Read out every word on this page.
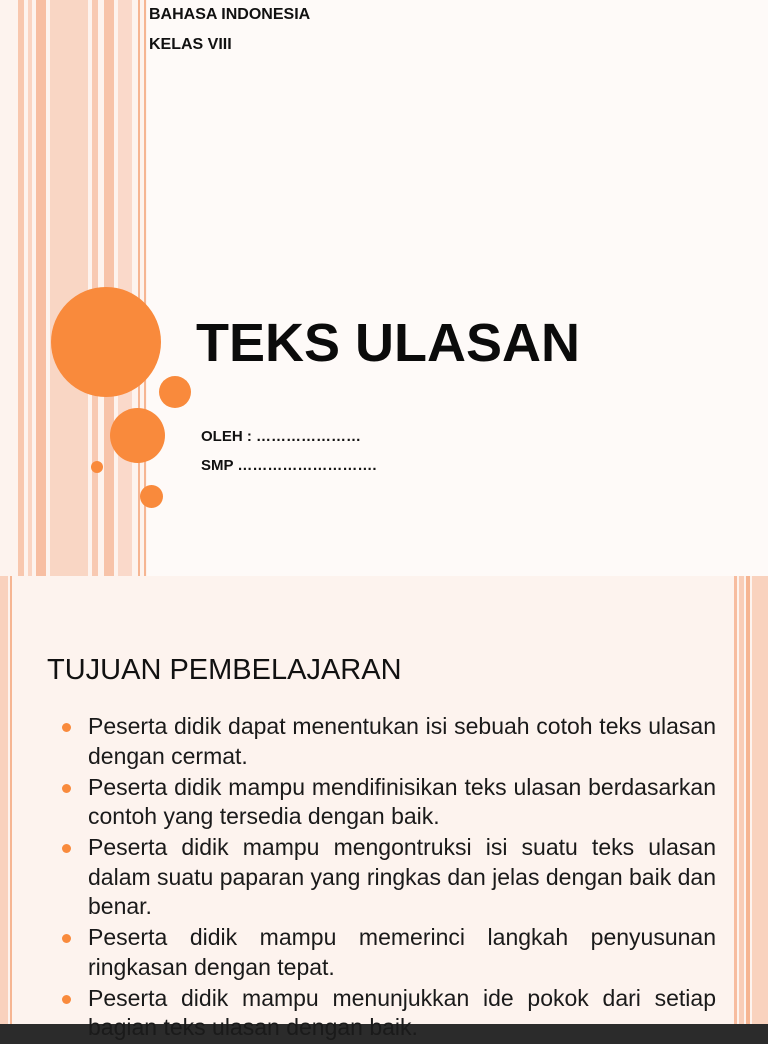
BAHASA INDONESIA
KELAS VIII
TEKS ULASAN
OLEH : …………………
SMP ……………………….
TUJUAN PEMBELAJARAN
Peserta didik dapat menentukan isi sebuah cotoh teks ulasan dengan cermat.
Peserta didik mampu mendifinisikan teks ulasan berdasarkan contoh yang tersedia dengan baik.
Peserta didik mampu mengontruksi isi suatu teks ulasan dalam suatu paparan yang ringkas dan jelas dengan baik dan benar.
Peserta didik mampu memerinci langkah penyusunan ringkasan dengan tepat.
Peserta didik mampu menunjukkan ide pokok dari setiap bagian teks ulasan dengan baik.
